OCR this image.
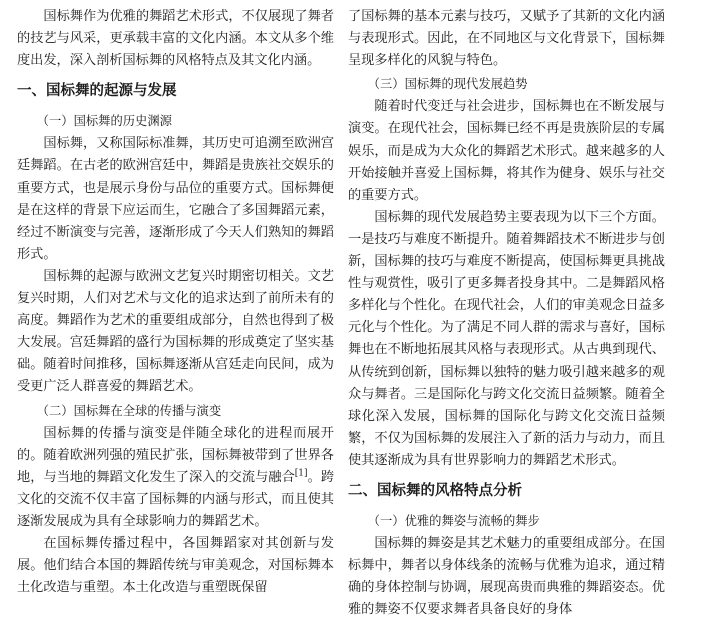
国标舞作为优雅的舞蹈艺术形式，不仅展现了舞者的技艺与风采，更承载丰富的文化内涵。本文从多个维度出发，深入剖析国标舞的风格特点及其文化内涵。

一、国标舞的起源与发展
（一）国标舞的历史渊源

国标舞，又称国际标准舞，其历史可追溯至欧洲宫廷舞蹈。在古老的欧洲宫廷中，舞蹈是贵族社交娱乐的重要方式，也是展示身份与品位的重要方式。国标舞便是在这样的背景下应运而生，它融合了多国舞蹈元素，经过不断演变与完善，逐渐形成了今天人们熟知的舞蹈形式。

国标舞的起源与欧洲文艺复兴时期密切相关。文艺复兴时期，人们对艺术与文化的追求达到了前所未有的高度。舞蹈作为艺术的重要组成部分，自然也得到了极大发展。宫廷舞蹈的盛行为国标舞的形成奠定了坚实基础。随着时间推移，国标舞逐渐从宫廷走向民间，成为受更广泛人群喜爱的舞蹈艺术。

（二）国标舞在全球的传播与演变

国标舞的传播与演变是伴随全球化的进程而展开的。随着欧洲列强的殖民扩张，国标舞被带到了世界各地，与当地的舞蹈文化发生了深入的交流与融合[1]。跨文化的交流不仅丰富了国标舞的内涵与形式，而且使其逐渐发展成为具有全球影响力的舞蹈艺术。

在国标舞传播过程中，各国舞蹈家对其创新与发展。他们结合本国的舞蹈传统与审美观念，对国标舞本土化改造与重塑。本土化改造与重塑既保留

了国标舞的基本元素与技巧，又赋予了其新的文化内涵与表现形式。因此，在不同地区与文化背景下，国标舞呈现多样化的风貌与特色。

（三）国标舞的现代发展趋势

随着时代变迁与社会进步，国标舞也在不断发展与演变。在现代社会，国标舞已经不再是贵族阶层的专属娱乐，而是成为大众化的舞蹈艺术形式。越来越多的人开始接触并喜爱上国标舞，将其作为健身、娱乐与社交的重要方式。

国标舞的现代发展趋势主要表现为以下三个方面。一是技巧与难度不断提升。随着舞蹈技术不断进步与创新，国标舞的技巧与难度不断提高，使国标舞更具挑战性与观赏性，吸引了更多舞者投身其中。二是舞蹈风格多样化与个性化。在现代社会，人们的审美观念日益多元化与个性化。为了满足不同人群的需求与喜好，国标舞也在不断地拓展其风格与表现形式。从古典到现代、从传统到创新，国标舞以独特的魅力吸引越来越多的观众与舞者。三是国际化与跨文化交流日益频繁。随着全球化深入发展，国标舞的国际化与跨文化交流日益频繁，不仅为国标舞的发展注入了新的活力与动力，而且使其逐渐成为具有世界影响力的舞蹈艺术形式。

二、国标舞的风格特点分析
（一）优雅的舞姿与流畅的舞步

国标舞的舞姿是其艺术魅力的重要组成部分。在国标舞中，舞者以身体线条的流畅与优雅为追求，通过精确的身体控制与协调，展现高贵而典雅的舞蹈姿态。优雅的舞姿不仅要求舞者具备良好的身体
